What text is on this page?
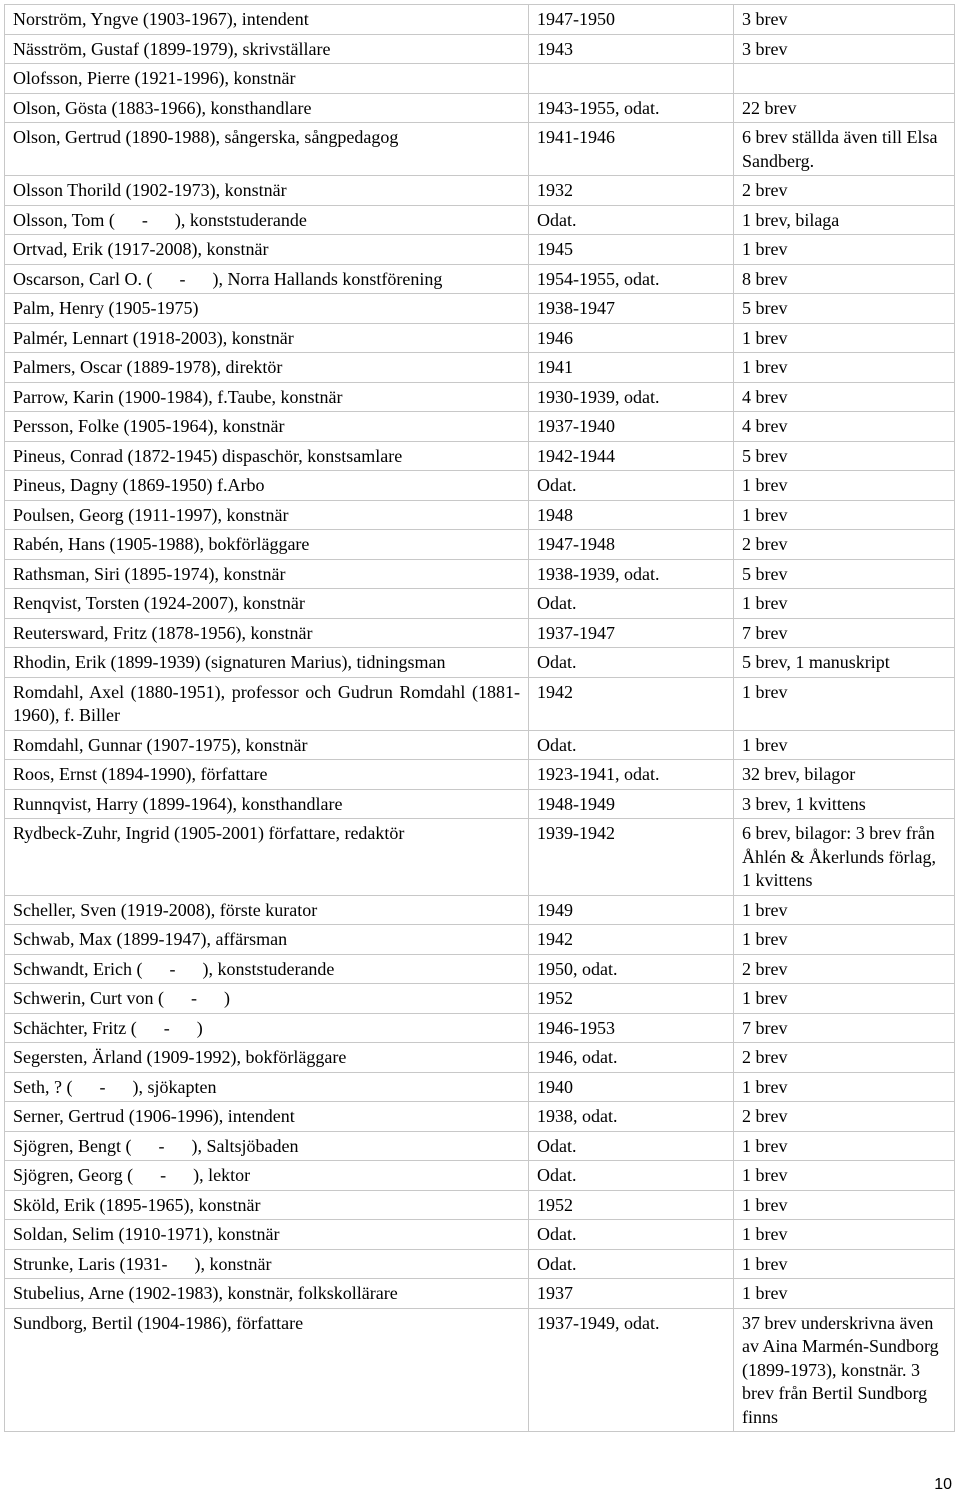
Norström, Yngve (1903-1967), intendent	1947-1950	3 brev
Näsström, Gustaf (1899-1979), skrivställare	1943	3 brev
Olofsson, Pierre (1921-1996), konstnär		
Olson, Gösta (1883-1966), konsthandlare	1943-1955, odat.	22 brev
Olson, Gertrud (1890-1988), sångerska, sångpedagog	1941-1946	6 brev ställda även till Elsa Sandberg.
Olsson Thorild (1902-1973), konstnär	1932	2 brev
Olsson, Tom (      -      ), konststuderande	Odat.	1 brev, bilaga
Ortvad, Erik (1917-2008), konstnär	1945	1 brev
Oscarson, Carl O. (      -      ), Norra Hallands konstförening	1954-1955, odat.	8 brev
Palm, Henry (1905-1975)	1938-1947	5 brev
Palmér, Lennart (1918-2003), konstnär	1946	1 brev
Palmers, Oscar (1889-1978), direktör	1941	1 brev
Parrow, Karin (1900-1984), f.Taube, konstnär	1930-1939, odat.	4 brev
Persson, Folke (1905-1964), konstnär	1937-1940	4 brev
Pineus, Conrad (1872-1945) dispaschör, konstsamlare	1942-1944	5 brev
Pineus, Dagny (1869-1950) f.Arbo	Odat.	1 brev
Poulsen, Georg (1911-1997), konstnär	1948	1 brev
Rabén, Hans (1905-1988), bokförläggare	1947-1948	2 brev
Rathsman, Siri (1895-1974), konstnär	1938-1939, odat.	5 brev
Renqvist, Torsten (1924-2007), konstnär	Odat.	1 brev
Reutersward, Fritz (1878-1956), konstnär	1937-1947	7 brev
Rhodin, Erik (1899-1939) (signaturen Marius), tidningsman	Odat.	5 brev, 1 manuskript
Romdahl, Axel (1880-1951), professor och Gudrun Romdahl (1881-1960), f. Biller	1942	1 brev
Romdahl, Gunnar (1907-1975), konstnär	Odat.	1 brev
Roos, Ernst (1894-1990), författare	1923-1941, odat.	32 brev, bilagor
Runnqvist, Harry (1899-1964), konsthandlare	1948-1949	3 brev, 1 kvittens
Rydbeck-Zuhr, Ingrid (1905-2001) författare, redaktör	1939-1942	6 brev, bilagor: 3 brev från Åhlén & Åkerlunds förlag, 1 kvittens
Scheller, Sven (1919-2008), förste kurator	1949	1 brev
Schwab, Max (1899-1947), affärsman	1942	1 brev
Schwandt, Erich (      -      ), konststuderande	1950, odat.	2 brev
Schwerin, Curt von (      -      )	1952	1 brev
Schächter, Fritz (      -      )	1946-1953	7 brev
Segersten, Ärland (1909-1992), bokförläggare	1946, odat.	2 brev
Seth, ? (      -      ), sjökapten	1940	1 brev
Serner, Gertrud (1906-1996), intendent	1938, odat.	2 brev
Sjögren, Bengt (      -      ), Saltsjöbaden	Odat.	1 brev
Sjögren, Georg (      -      ), lektor	Odat.	1 brev
Sköld, Erik (1895-1965), konstnär	1952	1 brev
Soldan, Selim (1910-1971), konstnär	Odat.	1 brev
Strunke, Laris (1931-      ), konstnär	Odat.	1 brev
Stubelius, Arne (1902-1983), konstnär, folkskollärare	1937	1 brev
Sundborg, Bertil (1904-1986), författare	1937-1949, odat.	37 brev underskrivna även av Aina Marmén-Sundborg (1899-1973), konstnär. 3 brev från Bertil Sundborg finns
10
